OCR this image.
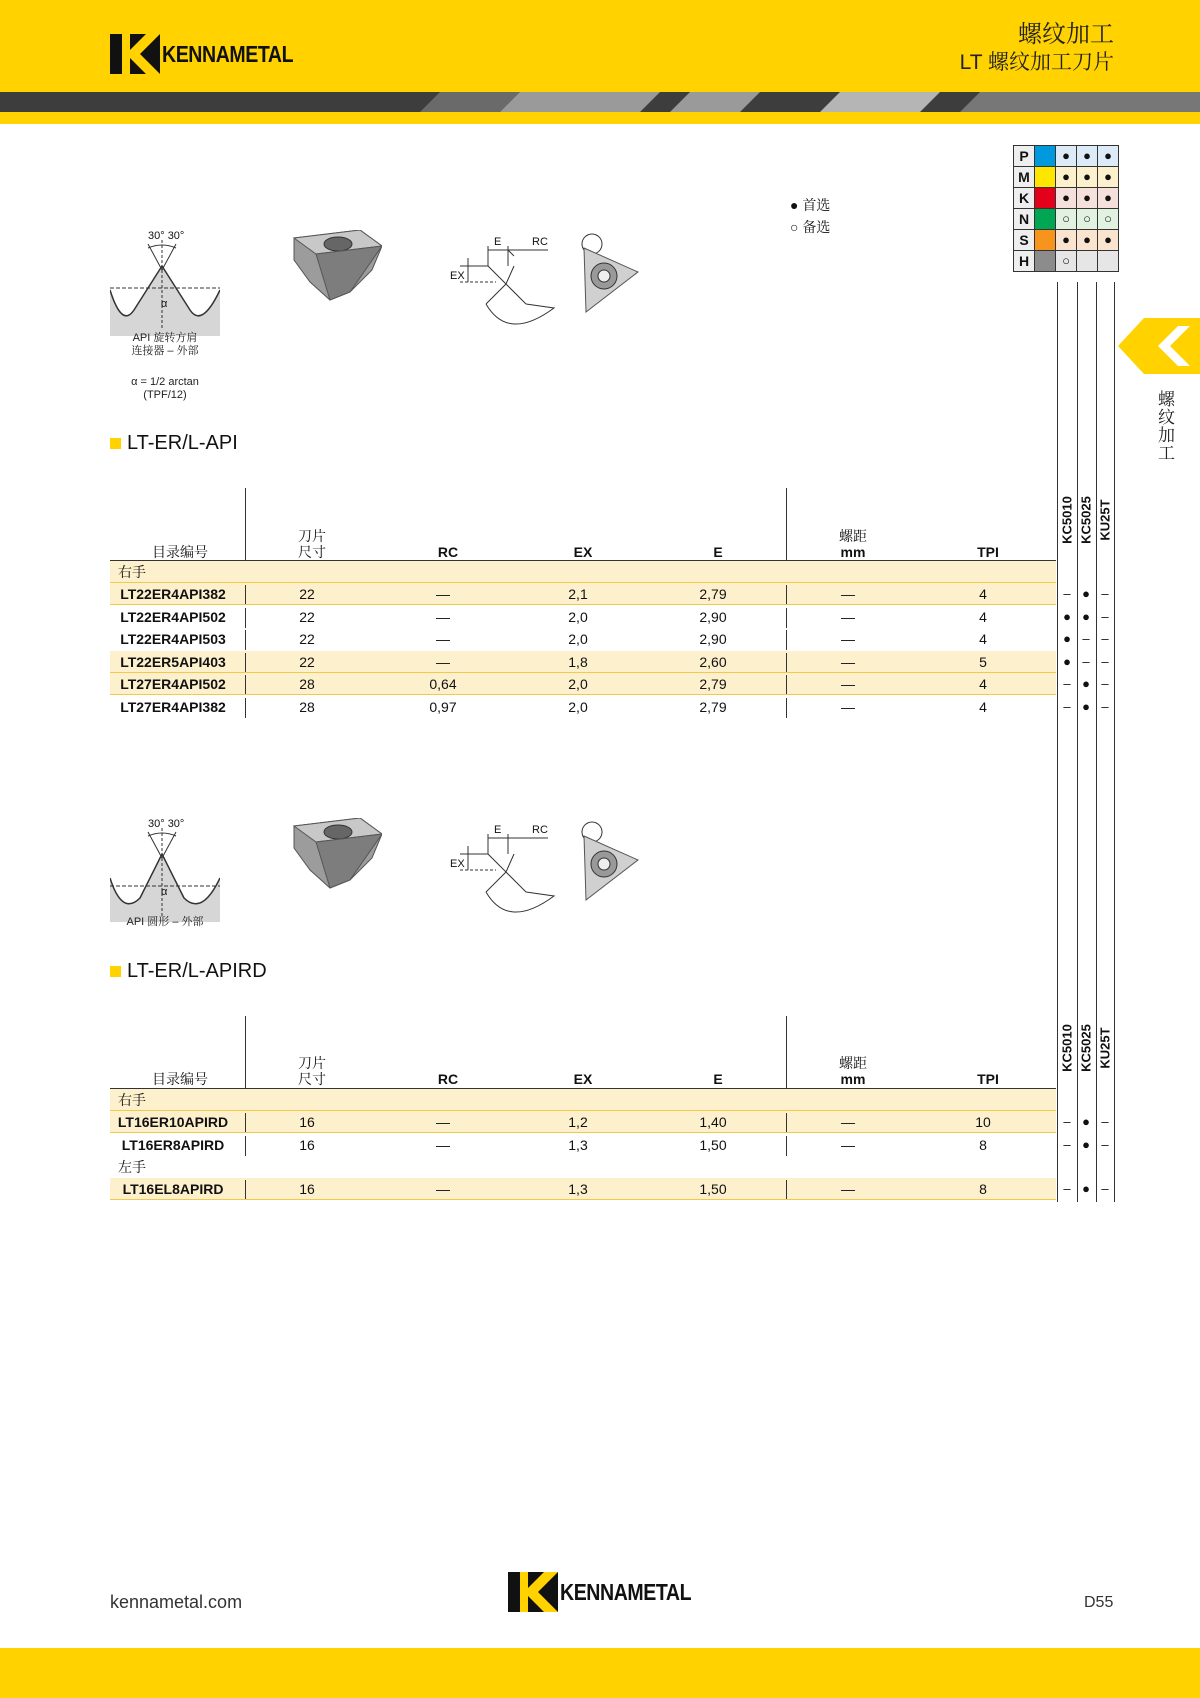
KENNAMETAL
螺纹加工
LT 螺纹加工刀片
螺纹加工
● 首选
○ 备选
P		●	●	●
M		●	●	●
K		●	●	●
N		○	○	○
S		●	●	●
H		○		
30° 30°
α
API 旋转方肩
连接器 – 外部
α = 1/2 arctan
(TPF/12)
E	RC
EX
LT-ER/L-API
目录编号
刀片
尺寸	RC	EX	E
螺距
mm	TPI
KC5010 KC5025 KU25T
右手
LT22ER4API382	22	—	2,1	2,79	—	4	– ● –
LT22ER4API502	22	—	2,0	2,90	—	4	● ● –
LT22ER4API503	22	—	2,0	2,90	—	4	● – –
LT22ER5API403	22	—	1,8	2,60	—	5	● – –
LT27ER4API502	28	0,64	2,0	2,79	—	4	– ● –
LT27ER4API382	28	0,97	2,0	2,79	—	4	– ● –
30° 30°
α
API 圆形 – 外部
E	RC
EX
LT-ER/L-APIRD
目录编号
刀片
尺寸	RC	EX	E
螺距
mm	TPI
KC5010 KC5025 KU25T
右手
LT16ER10APIRD	16	—	1,2	1,40	—	10	– ● –
LT16ER8APIRD	16	—	1,3	1,50	—	8	– ● –
左手
LT16EL8APIRD	16	—	1,3	1,50	—	8	– ● –
kennametal.com	KENNAMETAL	D55
